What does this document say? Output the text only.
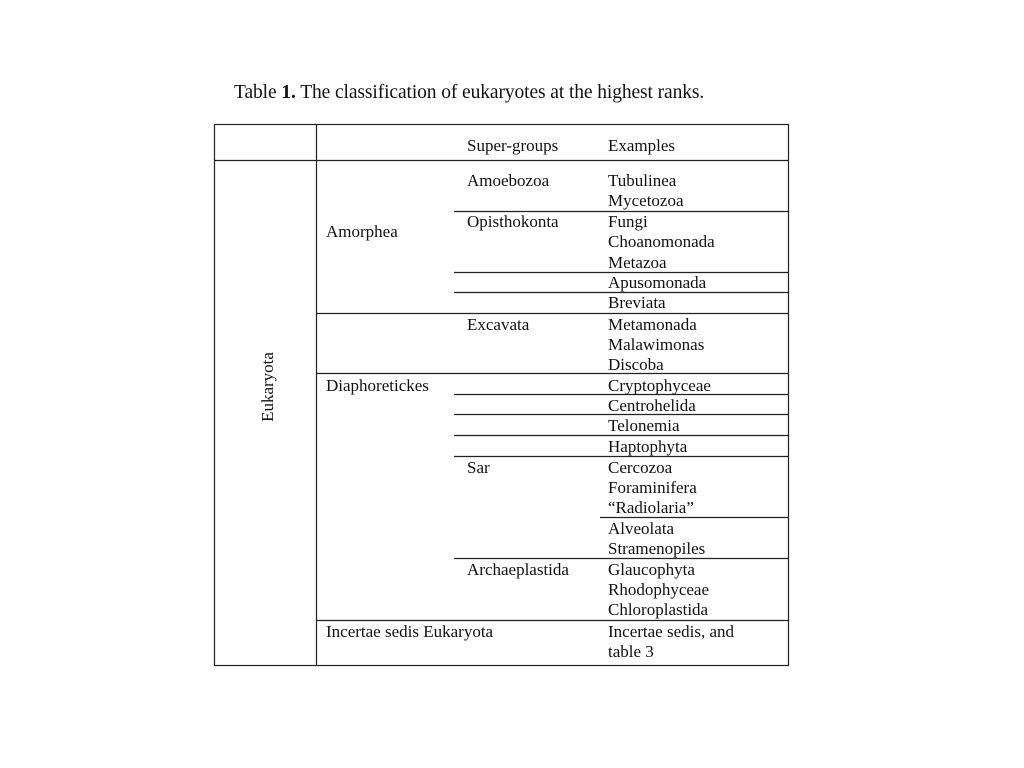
Table 1. The classification of eukaryotes at the highest ranks.
Super-groups	Examples
Eukaryota
Amorphea
Diaphoretickes
Incertae sedis Eukaryota
Amoebozoa
Opisthokonta
Excavata
Sar
Archaeplastida
Tubulinea
Mycetozoa
Fungi
Choanomonada
Metazoa
Apusomonada
Breviata
Metamonada
Malawimonas
Discoba
Cryptophyceae
Centrohelida
Telonemia
Haptophyta
Cercozoa
Foraminifera
“Radiolaria”
Alveolata
Stramenopiles
Glaucophyta
Rhodophyceae
Chloroplastida
Incertae sedis, and
table 3
